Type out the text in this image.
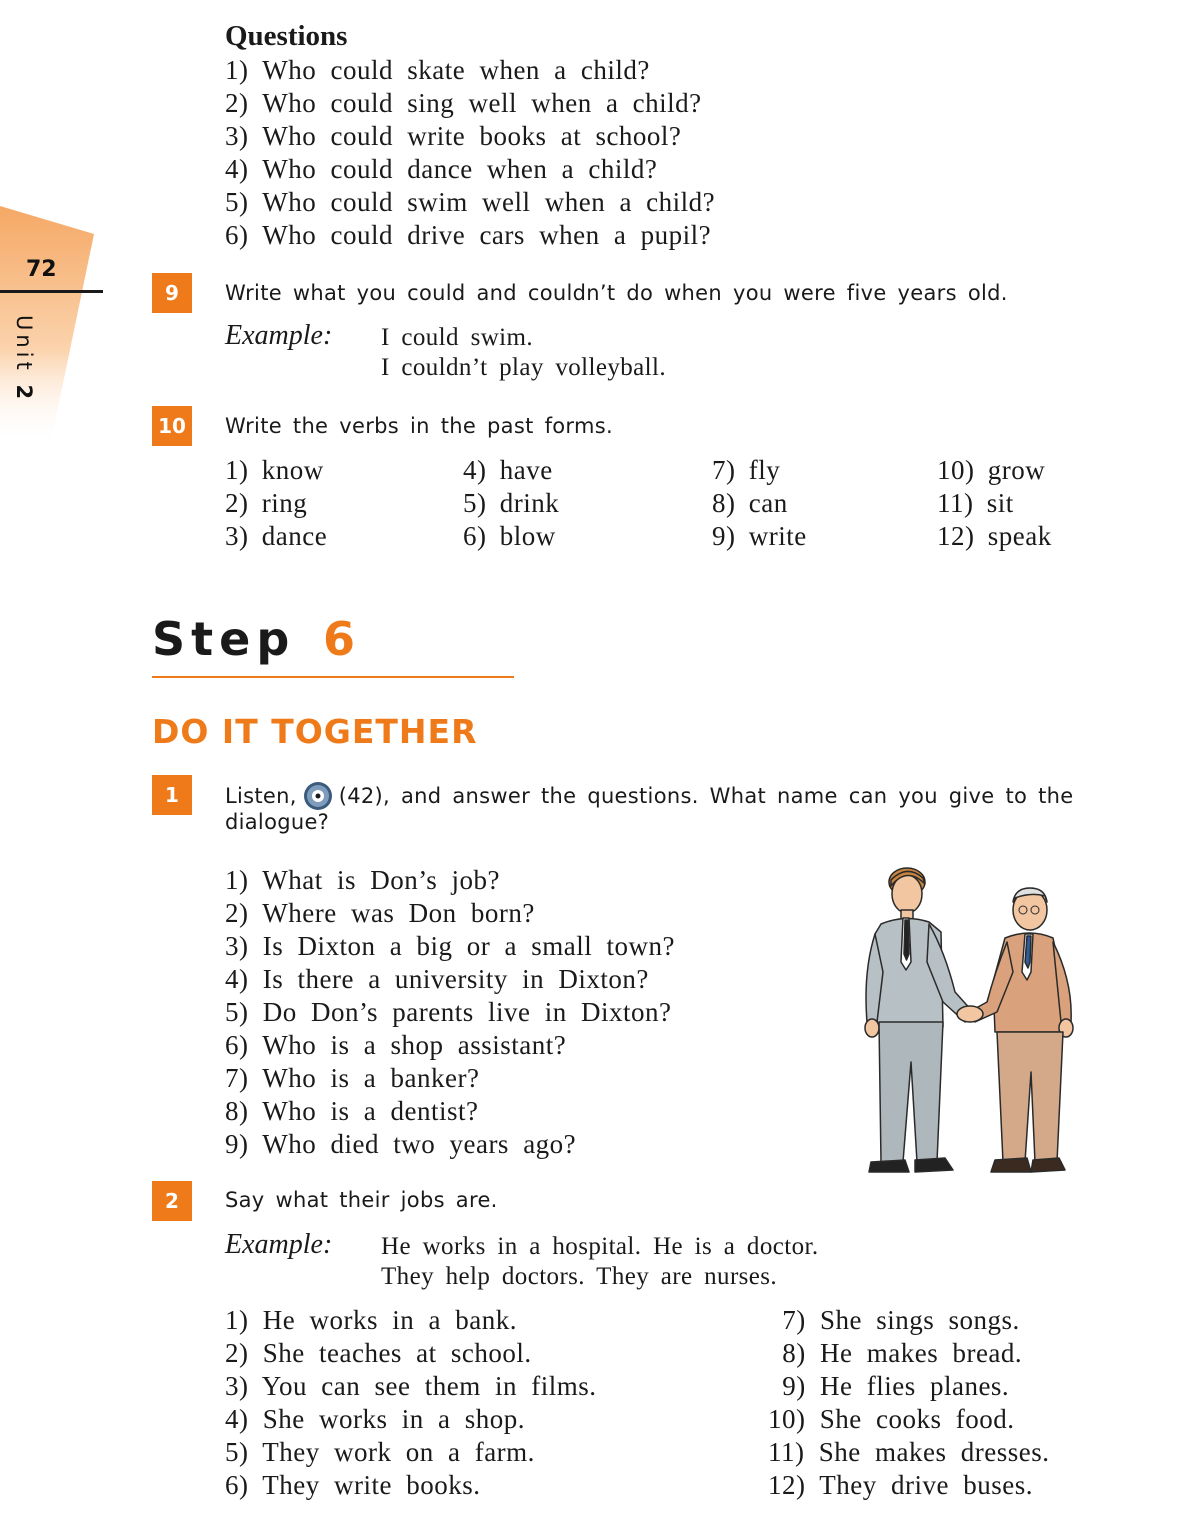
Questions
1) Who could skate when a child?
2) Who could sing well when a child?
3) Who could write books at school?
4) Who could dance when a child?
5) Who could swim well when a child?
6) Who could drive cars when a pupil?
72
Unit 2
9	Write what you could and couldn’t do when you were five years old.
Example: I could swim.
I couldn’t play volleyball.
10 Write the verbs in the past forms.
1) know
2) ring
3) dance
4) have
5) drink
6) blow
7) fly
8) can
9) write
10) grow
11) sit
12) speak
Step 6
DO IT TOGETHER
1	Listen, (42), and answer the questions. What name can you give to the
dialogue?
1) What is Don’s job?
2) Where was Don born?
3) Is Dixton a big or a small town?
4) Is there a university in Dixton?
5) Do Don’s parents live in Dixton?
6) Who is a shop assistant?
7) Who is a banker?
8) Who is a dentist?
9) Who died two years ago?
2	Say what their jobs are.
Example: He works in a hospital. He is a doctor.
They help doctors. They are nurses.
1) He works in a bank.
2) She teaches at school.
3) You can see them in films.
4) She works in a shop.
5) They work on a farm.
6) They write books.
7) She sings songs.
8) He makes bread.
9) He flies planes.
10) She cooks food.
11) She makes dresses.
12) They drive buses.
